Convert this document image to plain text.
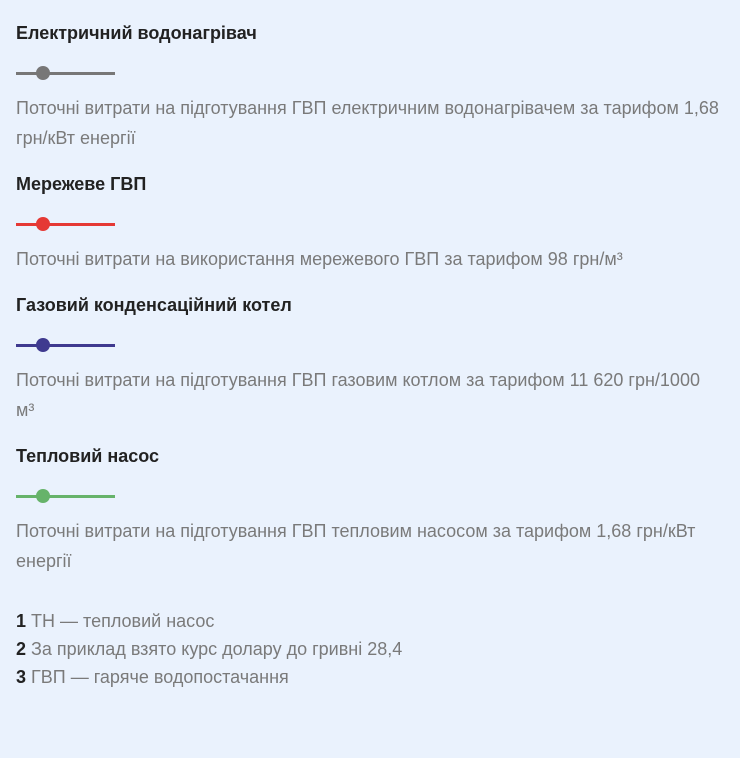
Електричний водонагрівач
Поточні витрати на підготування ГВП електричним водонагрівачем за тарифом 1,68 грн/кВт енергії
Мережеве ГВП
Поточні витрати на використання мережевого ГВП за тарифом 98 грн/м³
Газовий конденсаційний котел
Поточні витрати на підготування ГВП газовим котлом за тарифом 11 620 грн/1000 м³
Тепловий насос
Поточні витрати на підготування ГВП тепловим насосом за тарифом 1,68 грн/кВт енергії
1 ТН — тепловий насос
2 За приклад взято курс долару до гривні 28,4
3 ГВП — гаряче водопостачання
